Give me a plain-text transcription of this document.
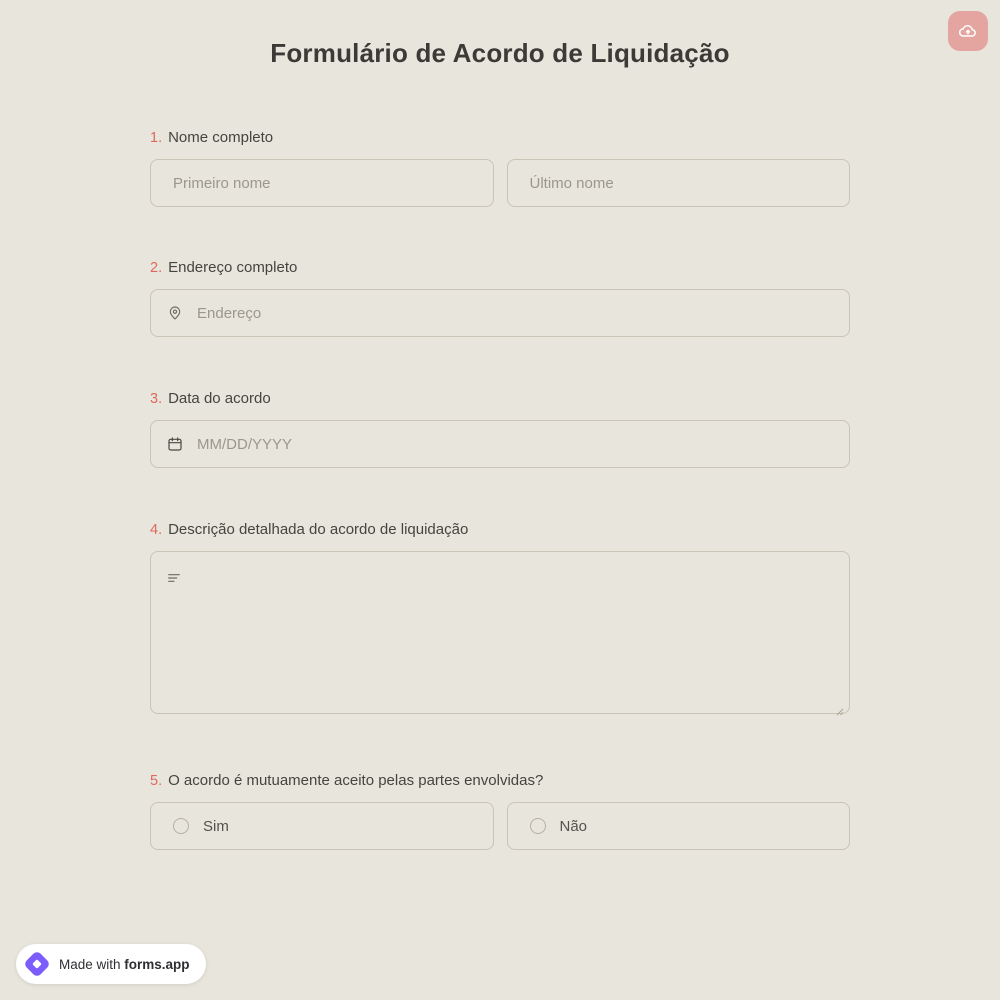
Formulário de Acordo de Liquidação
1. Nome completo
Primeiro nome
Último nome
2. Endereço completo
Endereço
3. Data do acordo
MM/DD/YYYY
4. Descrição detalhada do acordo de liquidação
5. O acordo é mutuamente aceito pelas partes envolvidas?
Sim	Não
Made with forms.app
